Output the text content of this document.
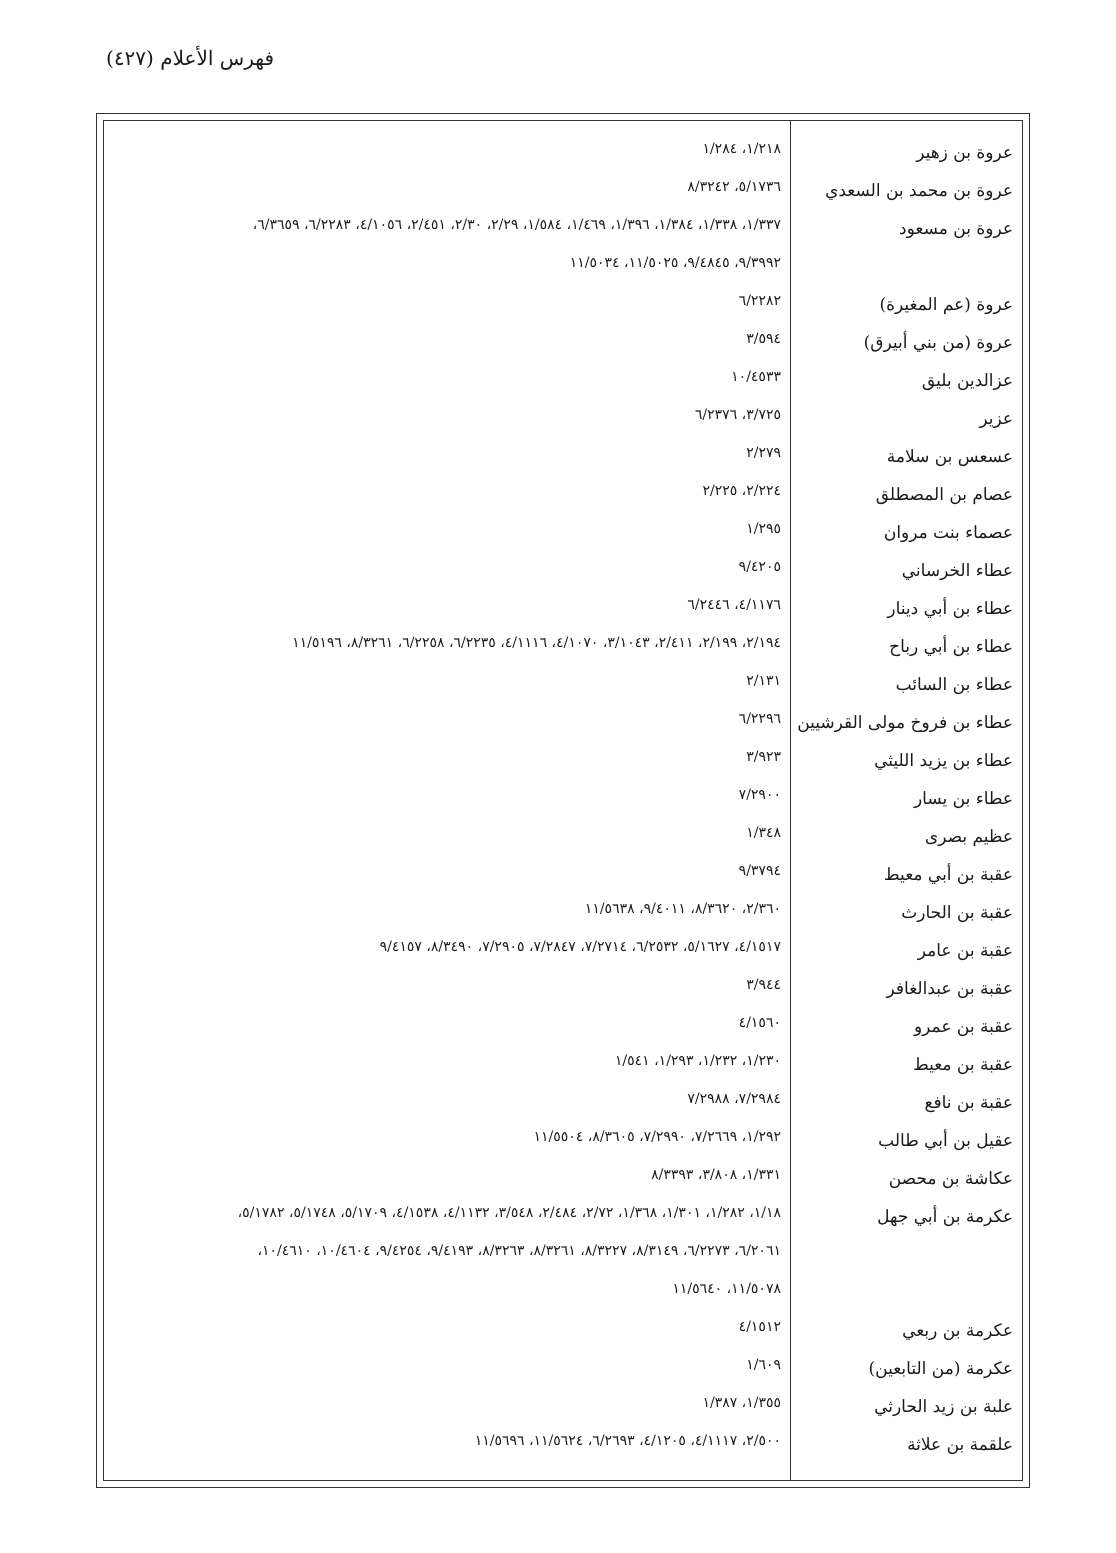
فهرس الأعلام (٤٢٧)
عروة بن زهير
١/٢١٨، ١/٢٨٤
عروة بن محمد بن السعدي
٥/١٧٣٦، ٨/٣٢٤٢
عروة بن مسعود
١/٣٣٧، ١/٣٣٨، ١/٣٨٤، ١/٣٩٦، ١/٤٦٩، ١/٥٨٤، ٢/٢٩، ٢/٣٠، ٢/٤٥١، ٤/١٠٥٦، ٦/٢٢٨٣، ٦/٣٦٥٩،
٩/٣٩٩٢، ٩/٤٨٤٥، ١١/٥٠٢٥، ١١/٥٠٣٤
عروة (عم المغيرة)
٦/٢٢٨٢
عروة (من بني أبيرق)
٣/٥٩٤
عزالدين بليق
١٠/٤٥٣٣
عزير
٣/٧٢٥، ٦/٢٣٧٦
عسعس بن سلامة
٢/٢٧٩
عصام بن المصطلق
٢/٢٢٤، ٢/٢٢٥
عصماء بنت مروان
١/٢٩٥
عطاء الخرساني
٩/٤٢٠٥
عطاء بن أبي دينار
٤/١١٧٦، ٦/٢٤٤٦
عطاء بن أبي رباح
٢/١٩٤، ٢/١٩٩، ٢/٤١١، ٣/١٠٤٣، ٤/١٠٧٠، ٤/١١١٦، ٦/٢٢٣٥، ٦/٢٢٥٨، ٨/٣٢٦١، ١١/٥١٩٦
عطاء بن السائب
٢/١٣١
عطاء بن فروخ مولى القرشيين
٦/٢٢٩٦
عطاء بن يزيد الليثي
٣/٩٢٣
عطاء بن يسار
٧/٢٩٠٠
عظيم بصرى
١/٣٤٨
عقبة بن أبي معيط
٩/٣٧٩٤
عقبة بن الحارث
٢/٣٦٠، ٨/٣٦٢٠، ٩/٤٠١١، ١١/٥٦٣٨
عقبة بن عامر
٤/١٥١٧، ٥/١٦٢٧، ٦/٢٥٣٢، ٧/٢٧١٤، ٧/٢٨٤٧، ٧/٢٩٠٥، ٨/٣٤٩٠، ٩/٤١٥٧
عقبة بن عبدالغافر
٣/٩٤٤
عقبة بن عمرو
٤/١٥٦٠
عقبة بن معيط
١/٢٣٠، ١/٢٣٢، ١/٢٩٣، ١/٥٤١
عقبة بن نافع
٧/٢٩٨٤، ٧/٢٩٨٨
عقيل بن أبي طالب
١/٢٩٢، ٧/٢٦٦٩، ٧/٢٩٩٠، ٨/٣٦٠٥، ١١/٥٥٠٤
عكاشة بن محصن
١/٣٣١، ٣/٨٠٨، ٨/٣٣٩٣
عكرمة بن أبي جهل
١/١٨، ١/٢٨٢، ١/٣٠١، ١/٣٦٨، ٢/٧٢، ٢/٤٨٤، ٣/٥٤٨، ٤/١١٣٢، ٤/١٥٣٨، ٥/١٧٠٩، ٥/١٧٤٨، ٥/١٧٨٢،
٦/٢٠٦١، ٦/٢٢٧٣، ٨/٣١٤٩، ٨/٣٢٢٧، ٨/٣٢٦١، ٨/٣٢٦٣، ٩/٤١٩٣، ٩/٤٢٥٤، ١٠/٤٦٠٤، ١٠/٤٦١٠،
١١/٥٠٧٨، ١١/٥٦٤٠
عكرمة بن ربعي
٤/١٥١٢
عكرمة (من التابعين)
١/٦٠٩
علبة بن زيد الحارثي
١/٣٥٥، ١/٣٨٧
علقمة بن علاثة
٢/٥٠٠، ٤/١١١٧، ٤/١٢٠٥، ٦/٢٦٩٣، ١١/٥٦٢٤، ١١/٥٦٩٦
